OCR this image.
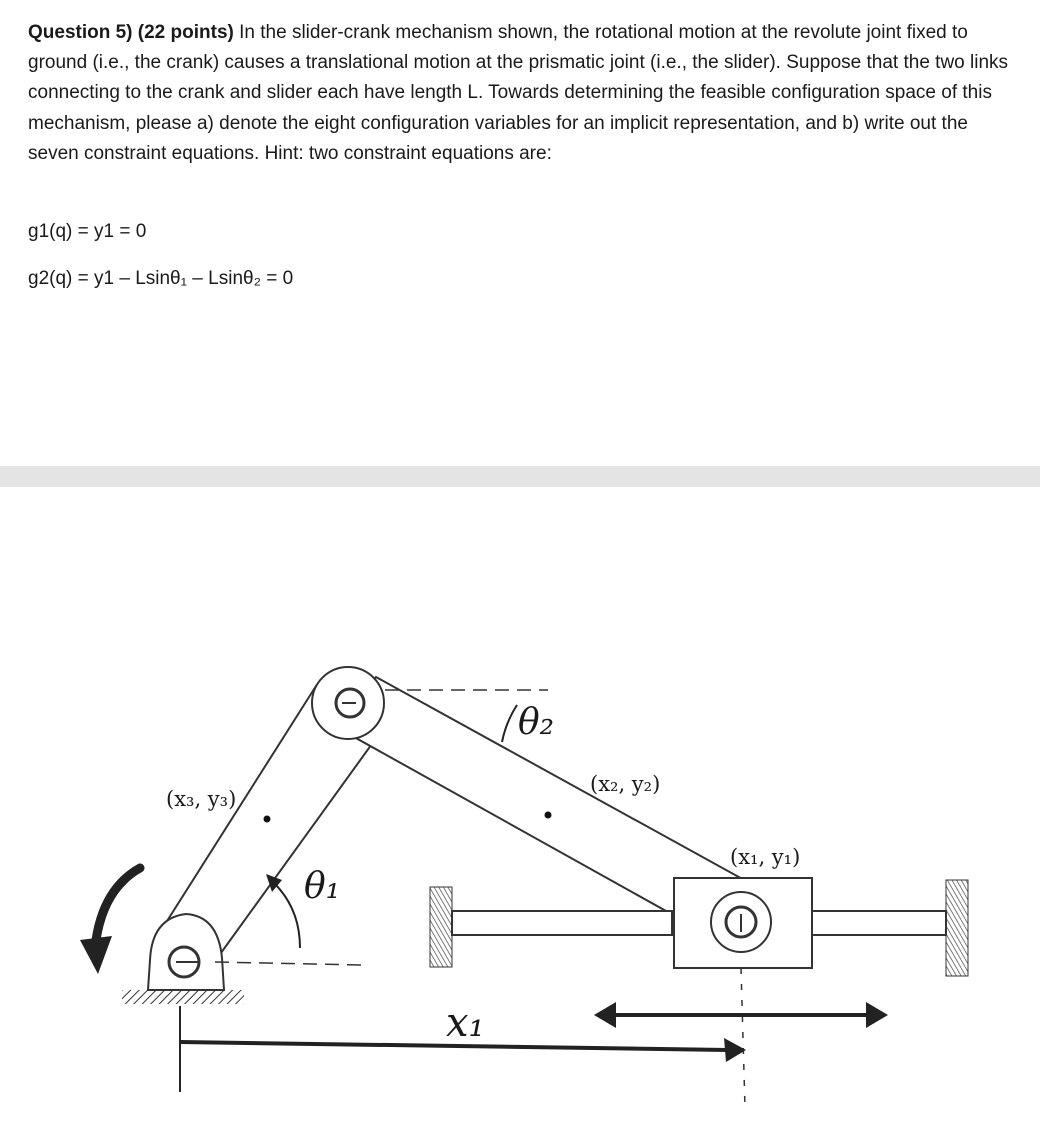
Question 5) (22 points) In the slider-crank mechanism shown, the rotational motion at the revolute joint fixed to ground (i.e., the crank) causes a translational motion at the prismatic joint (i.e., the slider). Suppose that the two links connecting to the crank and slider each have length L. Towards determining the feasible configuration space of this mechanism, please a) denote the eight configuration variables for an implicit representation, and b) write out the seven constraint equations. Hint: two constraint equations are:
g1(q) = y1 = 0
g2(q) = y1 – Lsinθ₁ – Lsinθ₂ = 0
(x₃, y₃)
(x₂, y₂)
(x₁, y₁)
θ₁
θ₂
x₁
